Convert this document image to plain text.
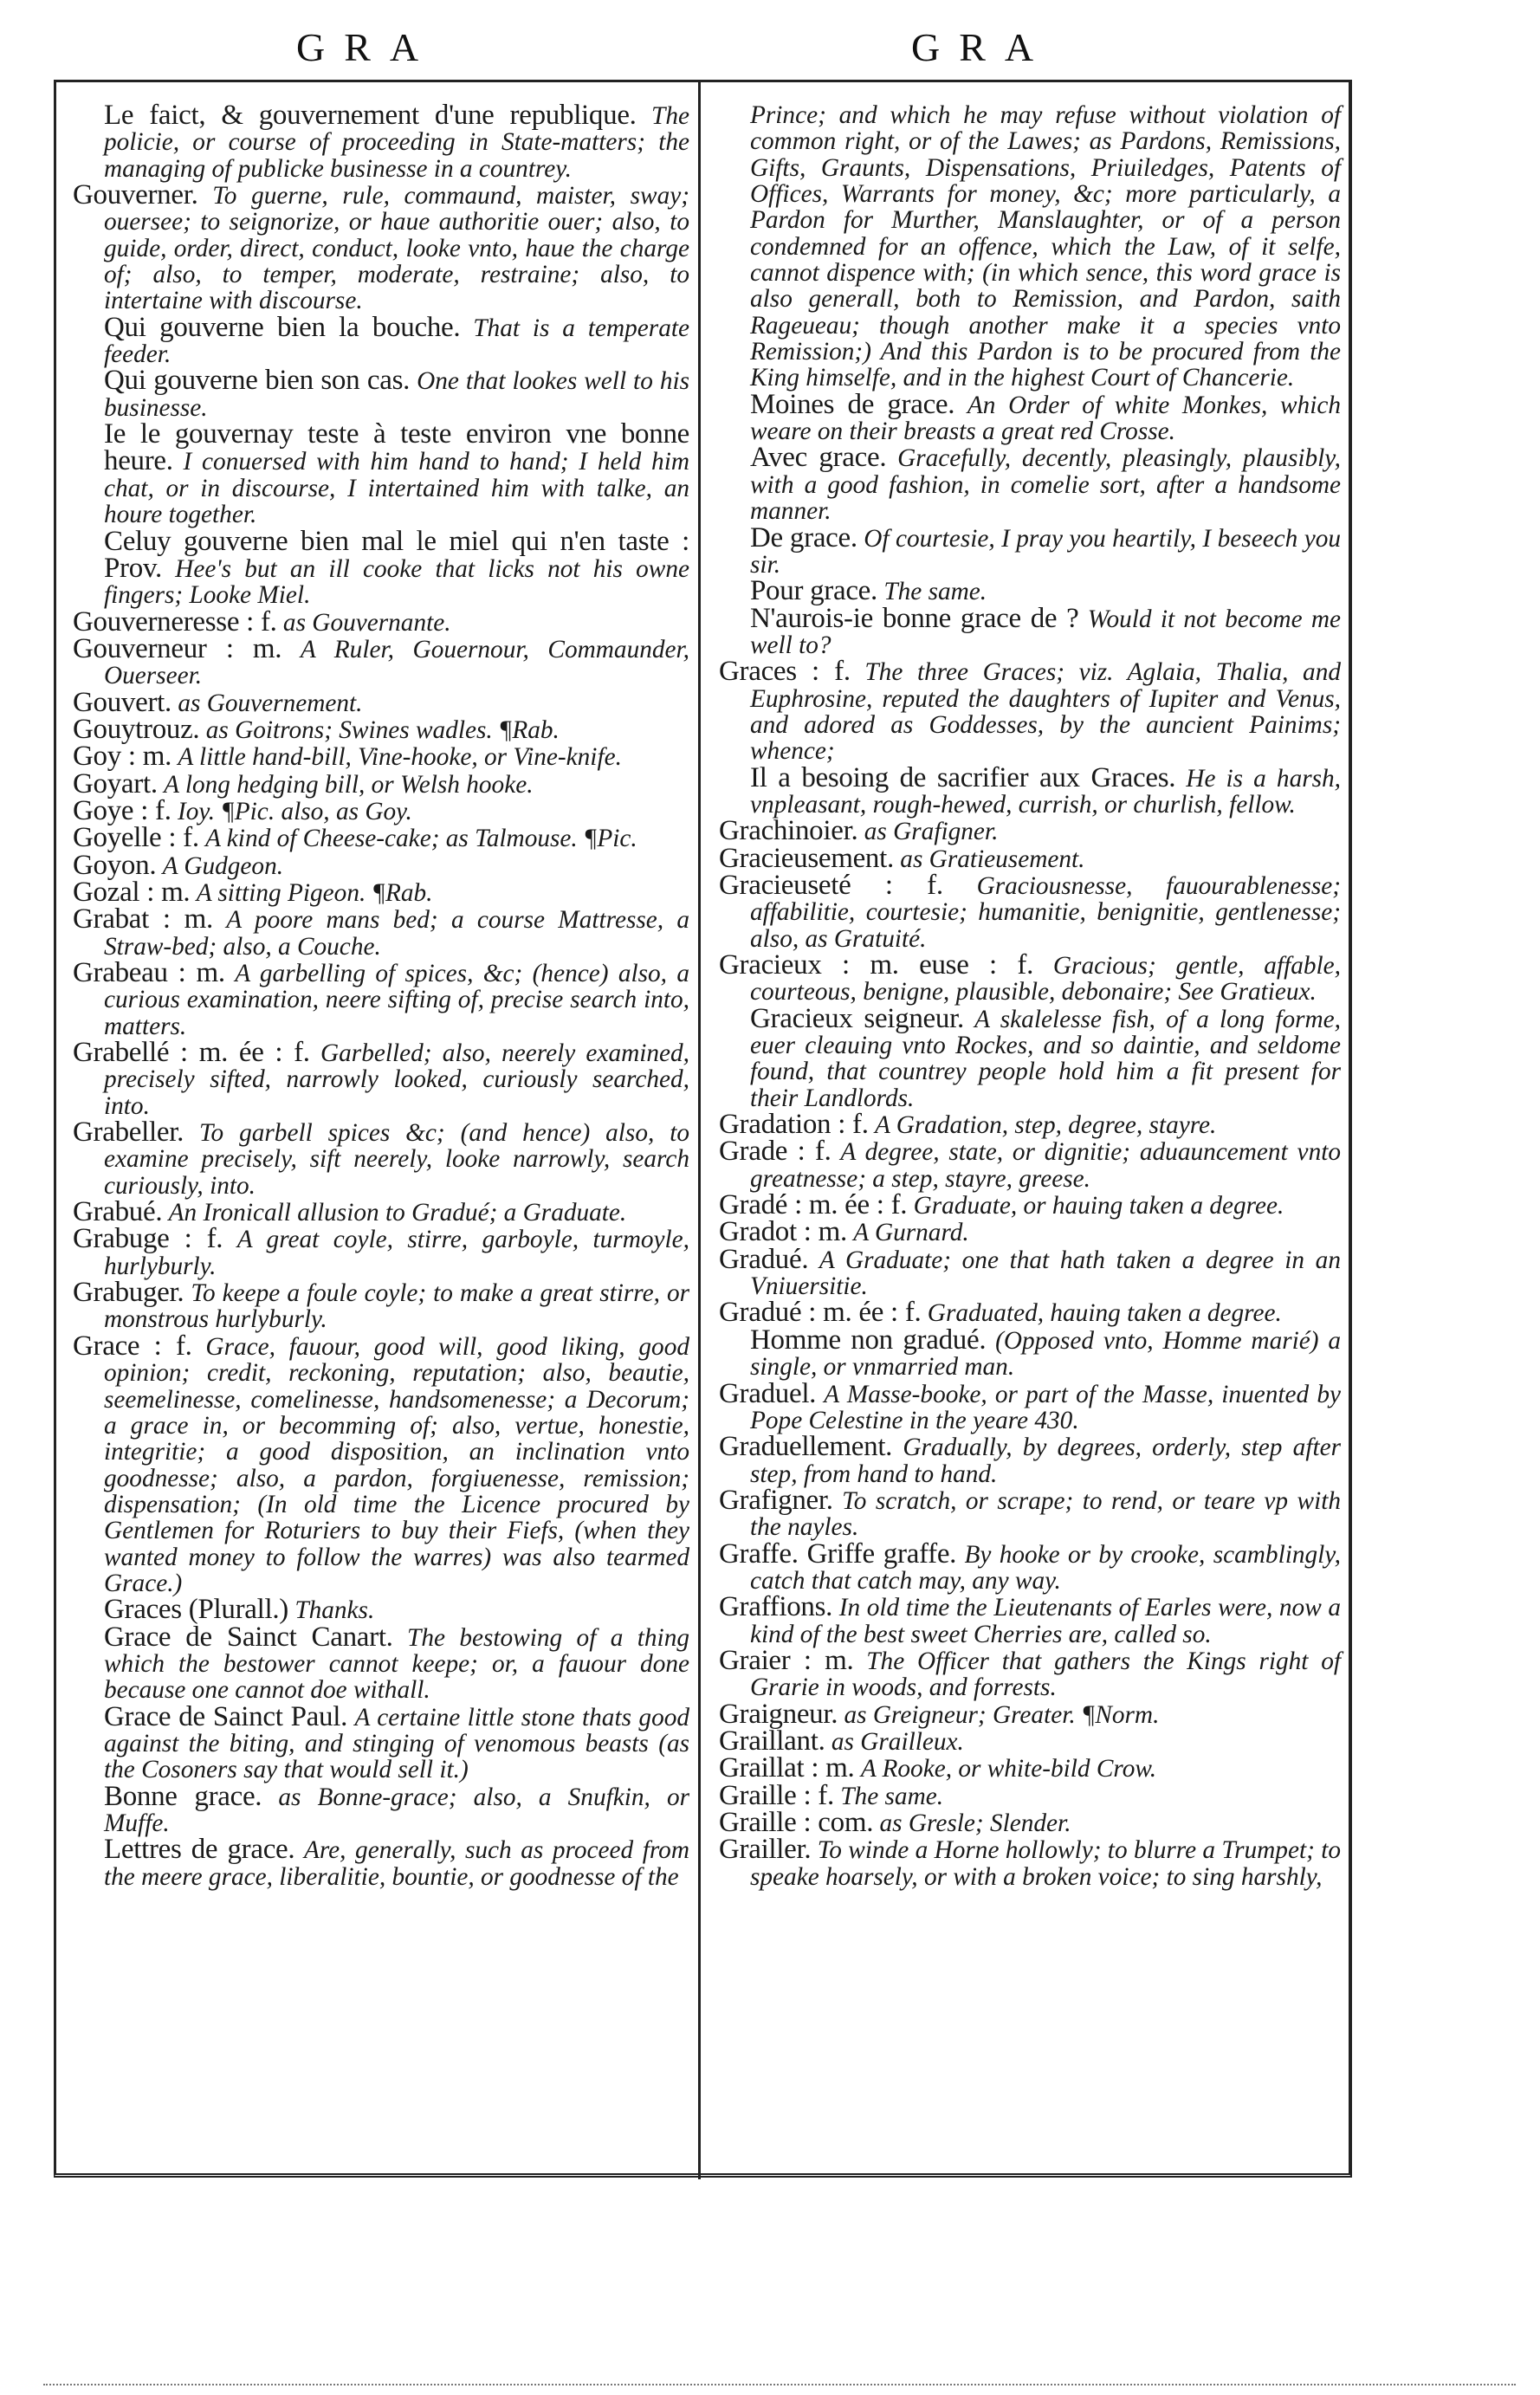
GRA	GRA

Le faict, & gouvernement d'une republique. The policie, or course of proceeding in State-matters; the managing of publicke businesse in a countrey.

Gouverner. To guerne, rule, commaund, maister, sway; ouersee; to seignorize, or haue authoritie ouer; also, to guide, order, direct, conduct, looke vnto, haue the charge of; also, to temper, moderate, restraine; also, to intertaine with discourse.

Qui gouverne bien la bouche. That is a temperate feeder.

Qui gouverne bien son cas. One that lookes well to his businesse.

Ie le gouvernay teste à teste environ vne bonne heure. I conuersed with him hand to hand; I held him chat, or in discourse, I intertained him with talke, an houre together.

Celuy gouverne bien mal le miel qui n'en taste : Prov. Hee's but an ill cooke that licks not his owne fingers; Looke Miel.

Gouverneresse : f. as Gouvernante.

Gouverneur : m. A Ruler, Gouernour, Commaunder, Ouerseer.

Gouvert. as Gouvernement.

Gouytrouz. as Goitrons; Swines wadles. ¶Rab.

Goy : m. A little hand-bill, Vine-hooke, or Vine-knife.

Goyart. A long hedging bill, or Welsh hooke.

Goye : f. Ioy. ¶Pic. also, as Goy.

Goyelle : f. A kind of Cheese-cake; as Talmouse. ¶Pic.

Goyon. A Gudgeon.

Gozal : m. A sitting Pigeon. ¶Rab.

Grabat : m. A poore mans bed; a course Mattresse, a Straw-bed; also, a Couche.

Grabeau : m. A garbelling of spices, &c; (hence) also, a curious examination, neere sifting of, precise search into, matters.

Grabellé : m. ée : f. Garbelled; also, neerely examined, precisely sifted, narrowly looked, curiously searched, into.

Grabeller. To garbell spices &c; (and hence) also, to examine precisely, sift neerely, looke narrowly, search curiously, into.

Grabué. An Ironicall allusion to Gradué; a Graduate.

Grabuge : f. A great coyle, stirre, garboyle, turmoyle, hurlyburly.

Grabuger. To keepe a foule coyle; to make a great stirre, or monstrous hurlyburly.

Grace : f. Grace, fauour, good will, good liking, good opinion; credit, reckoning, reputation; also, beautie, seemelinesse, comelinesse, handsomenesse; a Decorum; a grace in, or becomming of; also, vertue, honestie, integritie; a good disposition, an inclination vnto goodnesse; also, a pardon, forgiuenesse, remission; dispensation; (In old time the Licence procured by Gentlemen for Roturiers to buy their Fiefs, (when they wanted money to follow the warres) was also tearmed Grace.)

Graces (Plurall.) Thanks.

Grace de Sainct Canart. The bestowing of a thing which the bestower cannot keepe; or, a fauour done because one cannot doe withall.

Grace de Sainct Paul. A certaine little stone thats good against the biting, and stinging of venomous beasts (as the Cosoners say that would sell it.)

Bonne grace. as Bonne-grace; also, a Snufkin, or Muffe.

Lettres de grace. Are, generally, such as proceed from the meere grace, liberalitie, bountie, or goodnesse of the

Prince; and which he may refuse without violation of common right, or of the Lawes; as Pardons, Remissions, Gifts, Graunts, Dispensations, Priuiledges, Patents of Offices, Warrants for money, &c; more particularly, a Pardon for Murther, Manslaughter, or of a person condemned for an offence, which the Law, of it selfe, cannot dispence with; (in which sence, this word grace is also generall, both to Remission, and Pardon, saith Rageueau; though another make it a species vnto Remission;) And this Pardon is to be procured from the King himselfe, and in the highest Court of Chancerie.

Moines de grace. An Order of white Monkes, which weare on their breasts a great red Crosse.

Avec grace. Gracefully, decently, pleasingly, plausibly, with a good fashion, in comelie sort, after a handsome manner.

De grace. Of courtesie, I pray you heartily, I beseech you sir.

Pour grace. The same.

N'aurois-ie bonne grace de ? Would it not become me well to?

Graces : f. The three Graces; viz. Aglaia, Thalia, and Euphrosine, reputed the daughters of Iupiter and Venus, and adored as Goddesses, by the auncient Painims; whence;

Il a besoing de sacrifier aux Graces. He is a harsh, vnpleasant, rough-hewed, currish, or churlish, fellow.

Grachinoier. as Grafigner.

Gracieusement. as Gratieusement.

Gracieuseté : f. Graciousnesse, fauourablenesse; affabilitie, courtesie; humanitie, benignitie, gentlenesse; also, as Gratuité.

Gracieux : m. euse : f. Gracious; gentle, affable, courteous, benigne, plausible, debonaire; See Gratieux.

Gracieux seigneur. A skalelesse fish, of a long forme, euer cleauing vnto Rockes, and so daintie, and seldome found, that countrey people hold him a fit present for their Landlords.

Gradation : f. A Gradation, step, degree, stayre.

Grade : f. A degree, state, or dignitie; aduauncement vnto greatnesse; a step, stayre, greese.

Gradé : m. ée : f. Graduate, or hauing taken a degree.

Gradot : m. A Gurnard.

Gradué. A Graduate; one that hath taken a degree in an Vniuersitie.

Gradué : m. ée : f. Graduated, hauing taken a degree.

Homme non gradué. (Opposed vnto, Homme marié) a single, or vnmarried man.

Graduel. A Masse-booke, or part of the Masse, inuented by Pope Celestine in the yeare 430.

Graduellement. Gradually, by degrees, orderly, step after step, from hand to hand.

Grafigner. To scratch, or scrape; to rend, or teare vp with the nayles.

Graffe. Griffe graffe. By hooke or by crooke, scamblingly, catch that catch may, any way.

Graffions. In old time the Lieutenants of Earles were, now a kind of the best sweet Cherries are, called so.

Graier : m. The Officer that gathers the Kings right of Grarie in woods, and forrests.

Graigneur. as Greigneur; Greater. ¶Norm.

Graillant. as Grailleux.

Graillat : m. A Rooke, or white-bild Crow.

Graille : f. The same.

Graille : com. as Gresle; Slender.

Grailler. To winde a Horne hollowly; to blurre a Trumpet; to speake hoarsely, or with a broken voice; to sing harshly,
